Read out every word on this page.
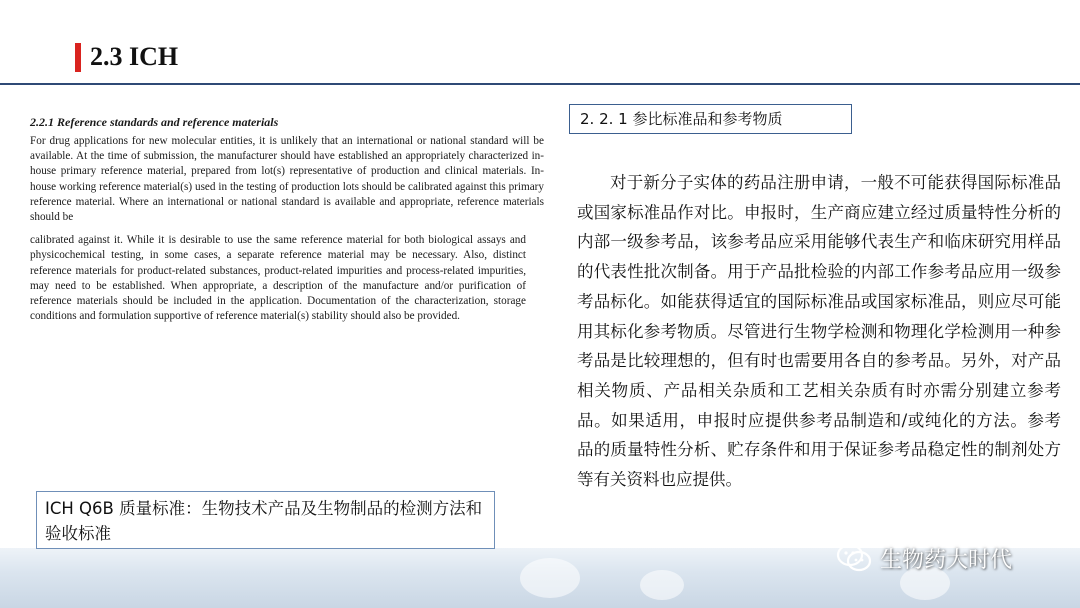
2.3 ICH

2.2.1 Reference standards and reference materials

For drug applications for new molecular entities, it is unlikely that an international or national standard will be available. At the time of submission, the manufacturer should have established an appropriately characterized in-house primary reference material, prepared from lot(s) representative of production and clinical materials. In-house working reference material(s) used in the testing of production lots should be calibrated against this primary reference material. Where an international or national standard is available and appropriate, reference materials should be

calibrated against it. While it is desirable to use the same reference material for both biological assays and physicochemical testing, in some cases, a separate reference material may be necessary. Also, distinct reference materials for product-related substances, product-related impurities and process-related impurities, may need to be established. When appropriate, a description of the manufacture and/or purification of reference materials should be included in the application. Documentation of the characterization, storage conditions and formulation supportive of reference material(s) stability should also be provided.

2. 2. 1 参比标准品和参考物质

对于新分子实体的药品注册申请，一般不可能获得国际标准品或国家标准品作对比。申报时，生产商应建立经过质量特性分析的内部一级参考品，该参考品应采用能够代表生产和临床研究用样品的代表性批次制备。用于产品批检验的内部工作参考品应用一级参考品标化。如能获得适宜的国际标准品或国家标准品，则应尽可能用其标化参考物质。尽管进行生物学检测和物理化学检测用一种参考品是比较理想的，但有时也需要用各自的参考品。另外，对产品相关物质、产品相关杂质和工艺相关杂质有时亦需分别建立参考品。如果适用，申报时应提供参考品制造和/或纯化的方法。参考品的质量特性分析、贮存条件和用于保证参考品稳定性的制剂处方等有关资料也应提供。

ICH Q6B 质量标准：生物技术产品及生物制品的检测方法和验收标准
生物药大时代
